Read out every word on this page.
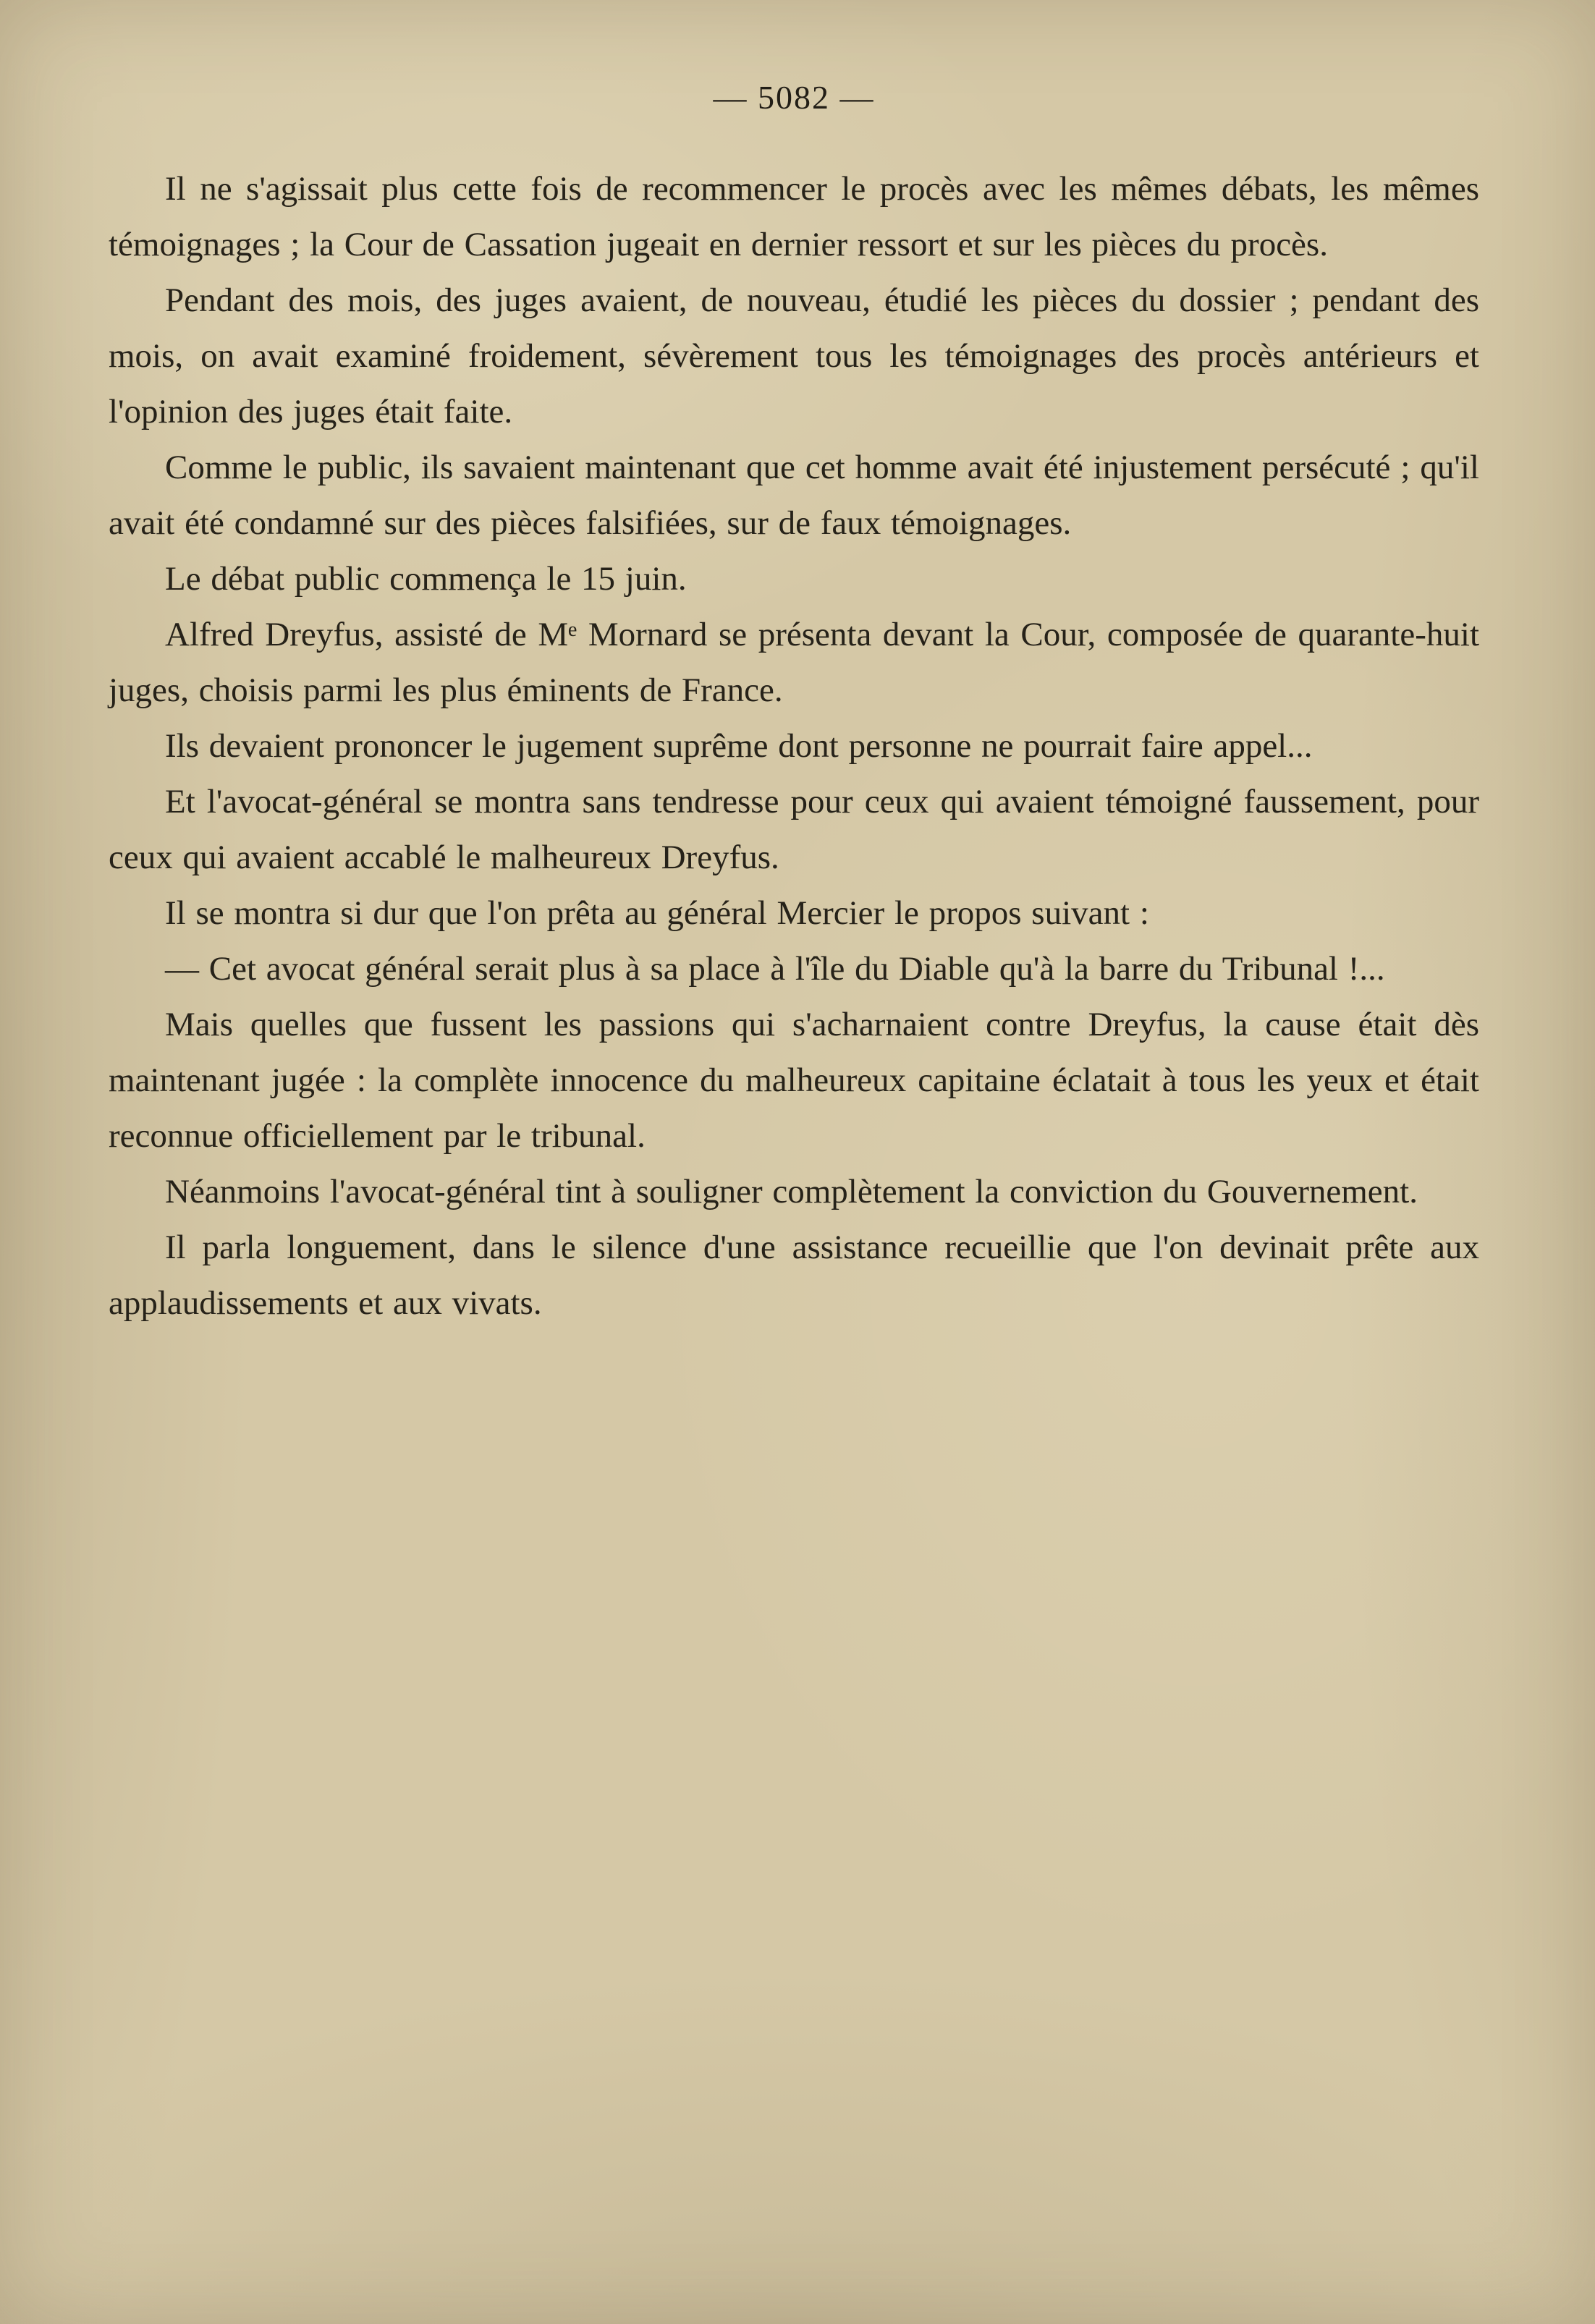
— 5082 —

Il ne s'agissait plus cette fois de recommencer le procès avec les mêmes débats, les mêmes témoignages ; la Cour de Cassation jugeait en dernier ressort et sur les pièces du procès.

Pendant des mois, des juges avaient, de nouveau, étudié les pièces du dossier ; pendant des mois, on avait examiné froidement, sévèrement tous les témoignages des procès antérieurs et l'opinion des juges était faite.

Comme le public, ils savaient maintenant que cet homme avait été injustement persécuté ; qu'il avait été condamné sur des pièces falsifiées, sur de faux témoignages.

Le débat public commença le 15 juin.

Alfred Dreyfus, assisté de Mᵉ Mornard se présenta devant la Cour, composée de quarante-huit juges, choisis parmi les plus éminents de France.

Ils devaient prononcer le jugement suprême dont personne ne pourrait faire appel...

Et l'avocat-général se montra sans tendresse pour ceux qui avaient témoigné faussement, pour ceux qui avaient accablé le malheureux Dreyfus.

Il se montra si dur que l'on prêta au général Mercier le propos suivant :

— Cet avocat général serait plus à sa place à l'île du Diable qu'à la barre du Tribunal !...

Mais quelles que fussent les passions qui s'acharnaient contre Dreyfus, la cause était dès maintenant jugée : la complète innocence du malheureux capitaine éclatait à tous les yeux et était reconnue officiellement par le tribunal.

Néanmoins l'avocat-général tint à souligner complètement la conviction du Gouvernement.

Il parla longuement, dans le silence d'une assistance recueillie que l'on devinait prête aux applaudissements et aux vivats.
